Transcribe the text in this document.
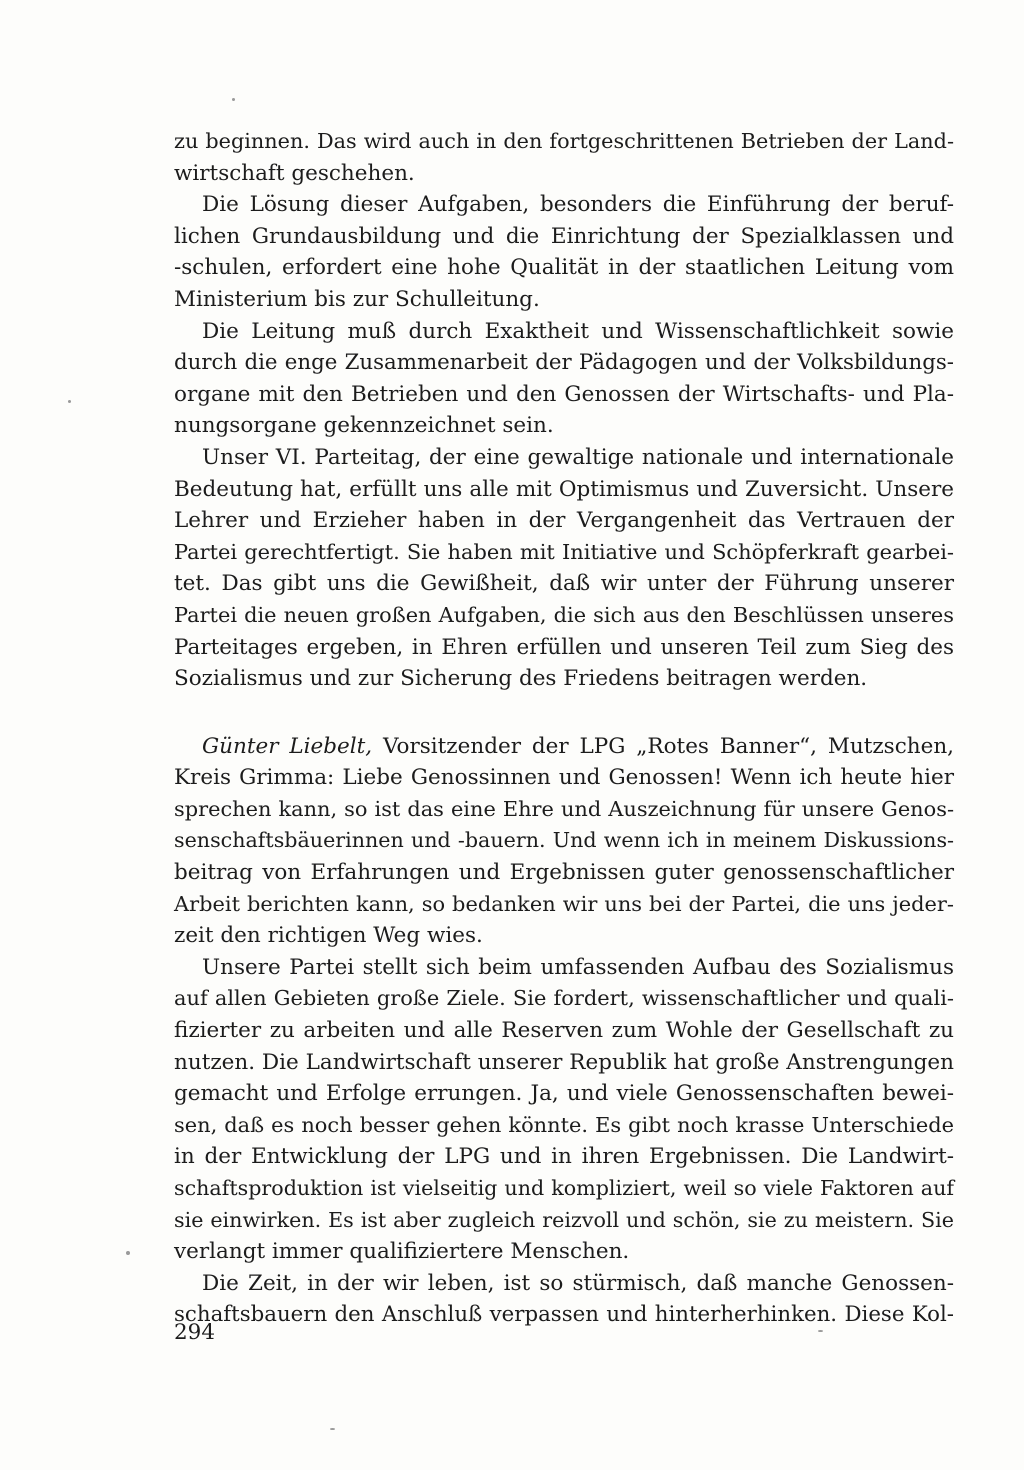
zu beginnen. Das wird auch in den fortgeschrittenen Betrieben der Land-
wirtschaft geschehen.
Die Lösung dieser Aufgaben, besonders die Einführung der beruf-
lichen Grundausbildung und die Einrichtung der Spezialklassen und
-schulen, erfordert eine hohe Qualität in der staatlichen Leitung vom
Ministerium bis zur Schulleitung.
Die Leitung muß durch Exaktheit und Wissenschaftlichkeit sowie
durch die enge Zusammenarbeit der Pädagogen und der Volksbildungs-
organe mit den Betrieben und den Genossen der Wirtschafts- und Pla-
nungsorgane gekennzeichnet sein.
Unser VI. Parteitag, der eine gewaltige nationale und internationale
Bedeutung hat, erfüllt uns alle mit Optimismus und Zuversicht. Unsere
Lehrer und Erzieher haben in der Vergangenheit das Vertrauen der
Partei gerechtfertigt. Sie haben mit Initiative und Schöpferkraft gearbei-
tet. Das gibt uns die Gewißheit, daß wir unter der Führung unserer
Partei die neuen großen Aufgaben, die sich aus den Beschlüssen unseres
Parteitages ergeben, in Ehren erfüllen und unseren Teil zum Sieg des
Sozialismus und zur Sicherung des Friedens beitragen werden.
Günter Liebelt, Vorsitzender der LPG „Rotes Banner“, Mutzschen,
Kreis Grimma: Liebe Genossinnen und Genossen! Wenn ich heute hier
sprechen kann, so ist das eine Ehre und Auszeichnung für unsere Genos-
senschaftsbäuerinnen und -bauern. Und wenn ich in meinem Diskussions-
beitrag von Erfahrungen und Ergebnissen guter genossenschaftlicher
Arbeit berichten kann, so bedanken wir uns bei der Partei, die uns jeder-
zeit den richtigen Weg wies.
Unsere Partei stellt sich beim umfassenden Aufbau des Sozialismus
auf allen Gebieten große Ziele. Sie fordert, wissenschaftlicher und quali-
fizierter zu arbeiten und alle Reserven zum Wohle der Gesellschaft zu
nutzen. Die Landwirtschaft unserer Republik hat große Anstrengungen
gemacht und Erfolge errungen. Ja, und viele Genossenschaften bewei-
sen, daß es noch besser gehen könnte. Es gibt noch krasse Unterschiede
in der Entwicklung der LPG und in ihren Ergebnissen. Die Landwirt-
schaftsproduktion ist vielseitig und kompliziert, weil so viele Faktoren auf
sie einwirken. Es ist aber zugleich reizvoll und schön, sie zu meistern. Sie
verlangt immer qualifiziertere Menschen.
Die Zeit, in der wir leben, ist so stürmisch, daß manche Genossen-
schaftsbauern den Anschluß verpassen und hinterherhinken. Diese Kol-
294
